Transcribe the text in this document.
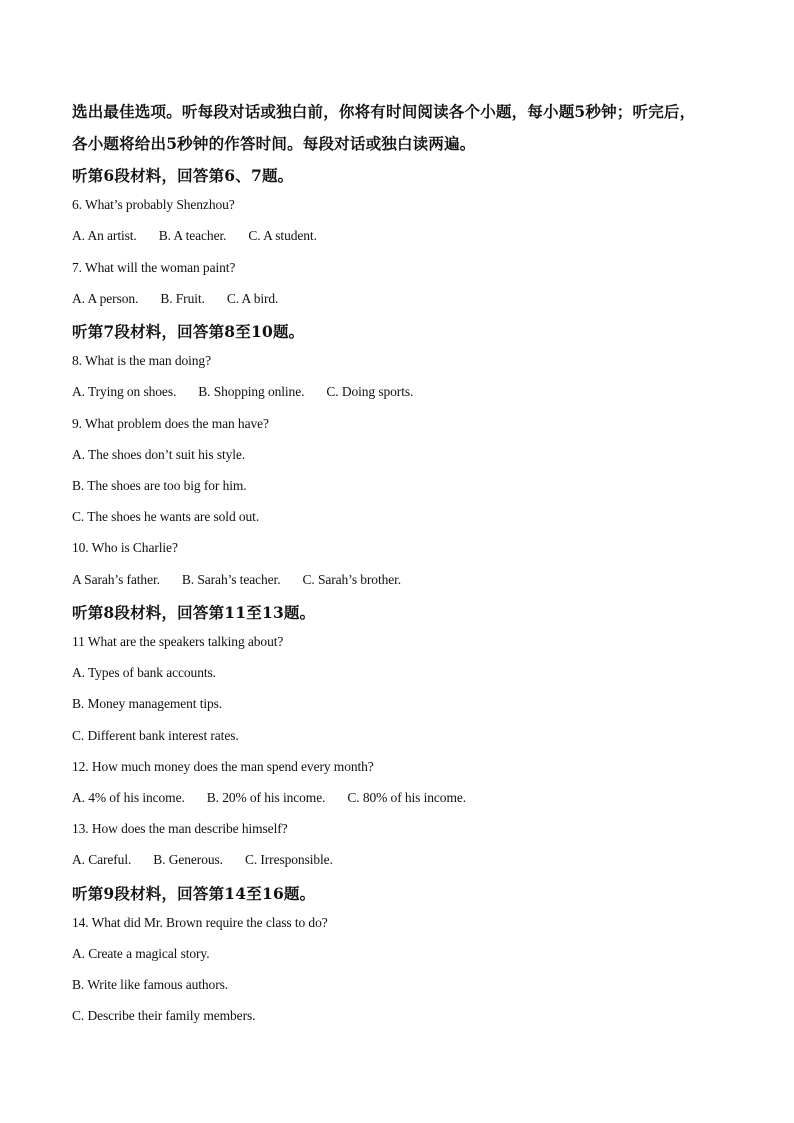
选出最佳选项。听每段对话或独白前，你将有时间阅读各个小题，每小题5秒钟；听完后，

各小题将给出5秒钟的作答时间。每段对话或独白读两遍。

听第6段材料，回答第6、7题。

6. What’s probably Shenzhou?

A. An artist. B. A teacher. C. A student.

7. What will the woman paint?

A. A person. B. Fruit. C. A bird.

听第7段材料，回答第8至10题。

8. What is the man doing?

A. Trying on shoes. B. Shopping online. C. Doing sports.

9. What problem does the man have?

A. The shoes don’t suit his style.

B. The shoes are too big for him.

C. The shoes he wants are sold out.

10. Who is Charlie?

A Sarah’s father. B. Sarah’s teacher. C. Sarah’s brother.

听第8段材料，回答第11至13题。

11 What are the speakers talking about?

A. Types of bank accounts.

B. Money management tips.

C. Different bank interest rates.

12. How much money does the man spend every month?

A. 4% of his income. B. 20% of his income. C. 80% of his income.

13. How does the man describe himself?

A. Careful. B. Generous. C. Irresponsible.

听第9段材料，回答第14至16题。

14. What did Mr. Brown require the class to do?

A. Create a magical story.

B. Write like famous authors.

C. Describe their family members.
